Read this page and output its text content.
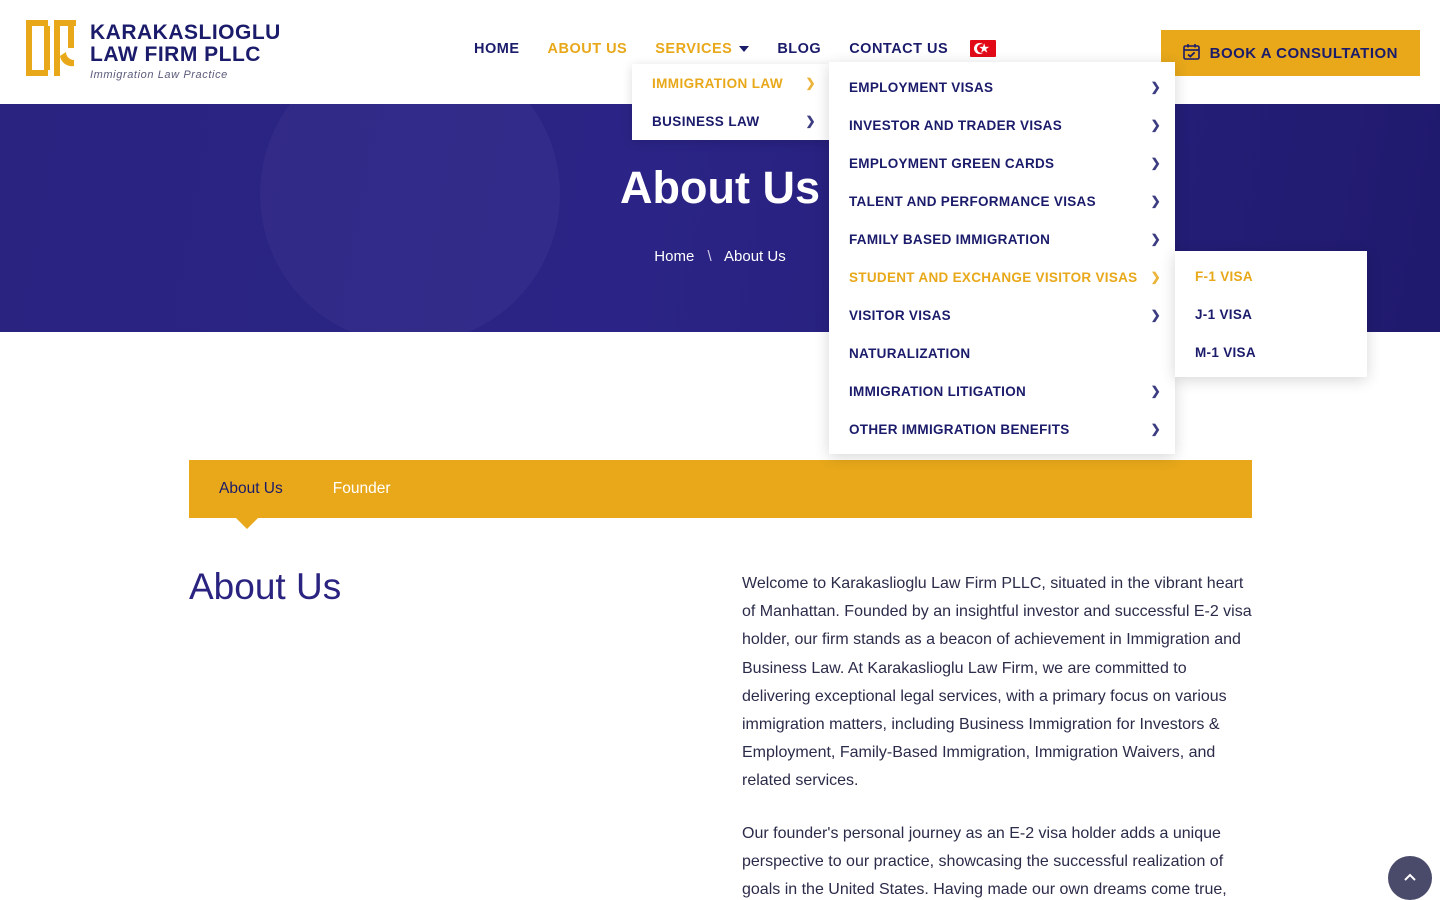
KARAKASLIOGLU
LAW FIRM PLLC
Immigration Law Practice
HOME ABOUT US SERVICES	BLOG CONTACT US	★	BOOK A CONSULTATION
About Us
Home \ About Us
IMMIGRATION LAW ❯
BUSINESS LAW	❯
EMPLOYMENT VISAS	❯
INVESTOR AND TRADER VISAS	❯
EMPLOYMENT GREEN CARDS	❯
TALENT AND PERFORMANCE VISAS	❯
FAMILY BASED IMMIGRATION	❯
STUDENT AND EXCHANGE VISITOR VISAS ❯
VISITOR VISAS	❯
NATURALIZATION
IMMIGRATION LITIGATION	❯
OTHER IMMIGRATION BENEFITS	❯
F-1 VISA
J-1 VISA
M-1 VISA
About Us	Founder
About Us	Welcome to Karakaslioglu Law Firm PLLC, situated in the vibrant heart of Manhattan. Founded by an insightful investor and successful E-2 visa holder, our firm stands as a beacon of achievement in Immigration and Business Law. At Karakaslioglu Law Firm, we are committed to delivering exceptional legal services, with a primary focus on various immigration matters, including Business Immigration for Investors & Employment, Family-Based Immigration, Immigration Waivers, and related services.

Our founder's personal journey as an E-2 visa holder adds a unique perspective to our practice, showcasing the successful realization of goals in the United States. Having made our own dreams come true,
